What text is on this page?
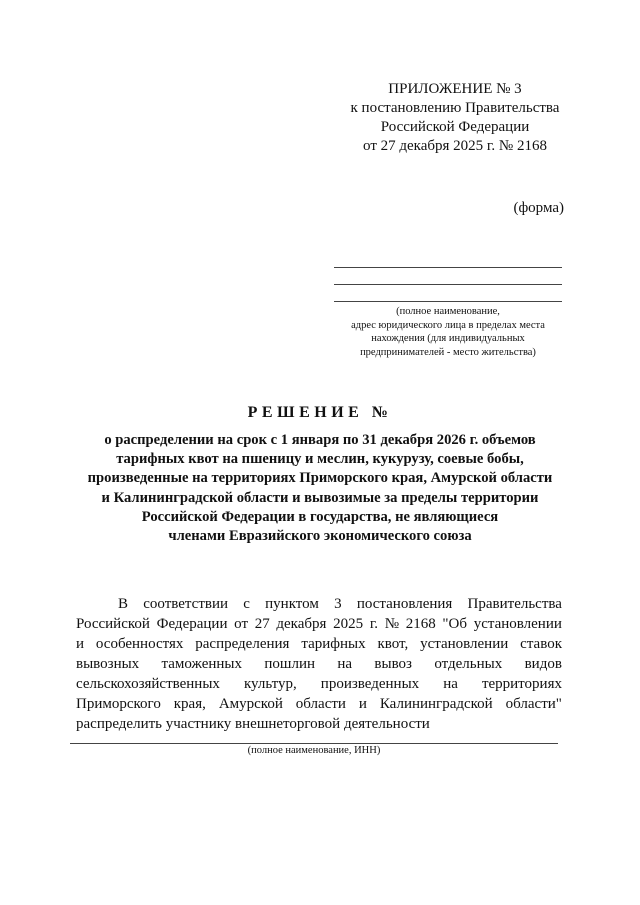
ПРИЛОЖЕНИЕ № 3
к постановлению Правительства
Российской Федерации
от 27 декабря 2025 г. № 2168
(форма)
(полное наименование,
адрес юридического лица в пределах места
нахождения (для индивидуальных
предпринимателей - место жительства)
РЕШЕНИЕ №
о распределении на срок с 1 января по 31 декабря 2026 г. объемов
тарифных квот на пшеницу и меслин, кукурузу, соевые бобы,
произведенные на территориях Приморского края, Амурской области
и Калининградской области и вывозимые за пределы территории
Российской Федерации в государства, не являющиеся
членами Евразийского экономического союза
В соответствии с пунктом 3 постановления Правительства
Российской Федерации от 27 декабря 2025 г. № 2168 "Об установлении
и особенностях распределения тарифных квот, установлении ставок
вывозных таможенных пошлин на вывоз отдельных видов
сельскохозяйственных культур, произведенных на территориях
Приморского края, Амурской области и Калининградской области"
распределить участнику внешнеторговой деятельности
(полное наименование, ИНН)
